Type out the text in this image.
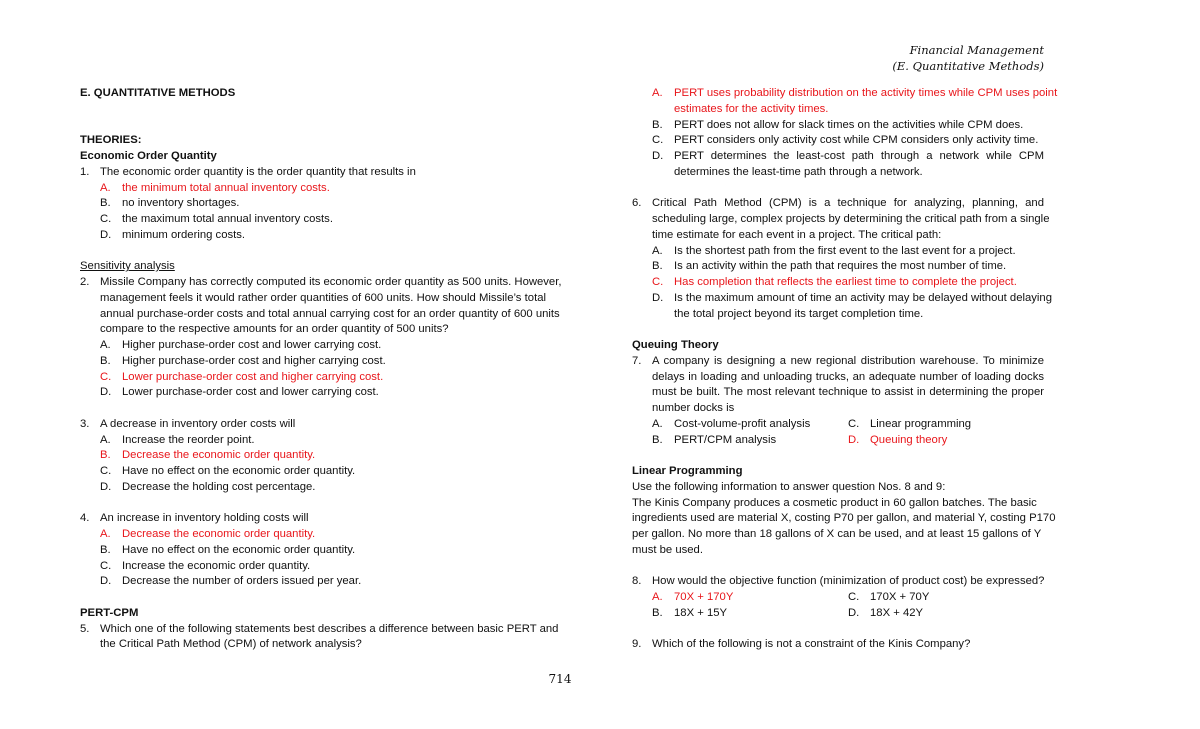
Financial Management
(E. Quantitative Methods)
E. QUANTITATIVE METHODS
THEORIES:
Economic Order Quantity
1. The economic order quantity is the order quantity that results in
A.	the minimum total annual inventory costs.
B.	no inventory shortages.
C. the maximum total annual inventory costs.
D. minimum ordering costs.
Sensitivity analysis
2. Missile Company has correctly computed its economic order quantity as 500 units. However,
management feels it would rather order quantities of 600 units. How should Missile’s total
annual purchase-order costs and total annual carrying cost for an order quantity of 600 units
compare to the respective amounts for an order quantity of 500 units?
A.	Higher purchase-order cost and lower carrying cost.
B.	Higher purchase-order cost and higher carrying cost.
C. Lower purchase-order cost and higher carrying cost.
D. Lower purchase-order cost and lower carrying cost.
3. A decrease in inventory order costs will
A.	Increase the reorder point.
B.	Decrease the economic order quantity.
C. Have no effect on the economic order quantity.
D. Decrease the holding cost percentage.
4. An increase in inventory holding costs will
A.	Decrease the economic order quantity.
B.	Have no effect on the economic order quantity.
C. Increase the economic order quantity.
D. Decrease the number of orders issued per year.
PERT-CPM
5. Which one of the following statements best describes a difference between basic PERT and
the Critical Path Method (CPM) of network analysis?
A.	PERT uses probability distribution on the activity times while CPM uses point
estimates for the activity times.
B.	PERT does not allow for slack times on the activities while CPM does.
C. PERT considers only activity cost while CPM considers only activity time.
D. PERT determines the least-cost path through a network while CPM
determines the least-time path through a network.
6. Critical Path Method (CPM) is a technique for analyzing, planning, and
scheduling large, complex projects by determining the critical path from a single
time estimate for each event in a project. The critical path:
A.	Is the shortest path from the first event to the last event for a project.
B.	Is an activity within the path that requires the most number of time.
C. Has completion that reflects the earliest time to complete the project.
D. Is the maximum amount of time an activity may be delayed without delaying
the total project beyond its target completion time.
Queuing Theory
7. A company is designing a new regional distribution warehouse. To minimize
delays in loading and unloading trucks, an adequate number of loading docks
must be built. The most relevant technique to assist in determining the proper
number docks is
A.	Cost-volume-profit analysis	C. Linear programming
B.	PERT/CPM analysis	D. Queuing theory
Linear Programming
Use the following information to answer question Nos. 8 and 9:
The Kinis Company produces a cosmetic product in 60 gallon batches. The basic
ingredients used are material X, costing P70 per gallon, and material Y, costing P170
per gallon. No more than 18 gallons of X can be used, and at least 15 gallons of Y
must be used.
8. How would the objective function (minimization of product cost) be expressed?
A.	70X + 170Y	C. 170X + 70Y
B.	18X + 15Y	D. 18X + 42Y
9. Which of the following is not a constraint of the Kinis Company?
714
